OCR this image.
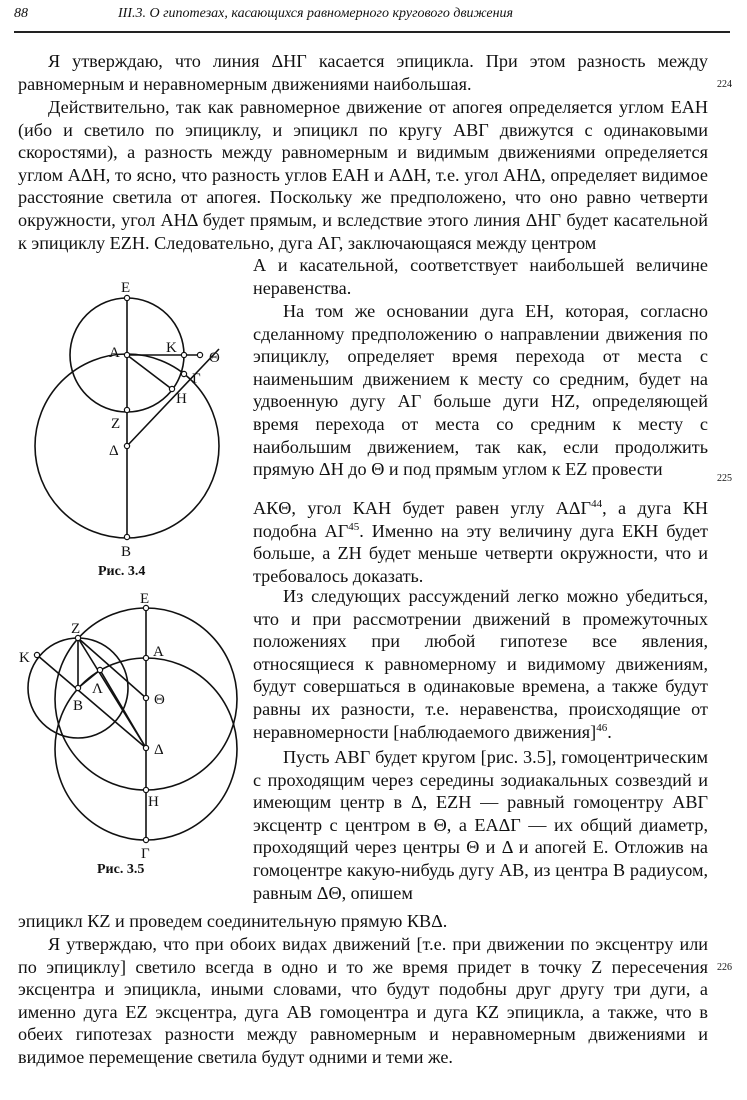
88	III.3. О гипотезах, касающихся равномерного кругового движения

Я утверждаю, что линия ΔНГ касается эпицикла. При этом разность между равномерным и неравномерным движениями наибольшая.	224

Действительно, так как равномерное движение от апогея определяется углом ЕАН (ибо и светило по эпициклу, и эпицикл по кругу АВГ движутся с одинаковыми скоростями), а разность между равномерным и видимым движениями определяется углом АΔН, то ясно, что разность углов ЕАН и АΔН, т.е. угол АНΔ, определяет видимое расстояние светила от апогея. Поскольку же предположено, что оно равно четверти окружности, угол АНΔ будет прямым, и вследствие этого линия ΔНГ будет касательной к эпициклу ЕZН. Следовательно, дуга АГ, заключающаяся между центром

А и касательной, соответствует наибольшей величине неравенства.

На том же основании дуга ЕН, которая, согласно сделанному предположению о направлении движения по эпициклу, определяет время перехода от места с наименьшим движением к месту со средним, будет на удвоенную дугу АГ больше дуги НZ, определяющей время перехода от места со средним к месту с наибольшим движением, так как, если продолжить прямую ΔН до Θ и под прямым углом к ЕZ провести	225

АКΘ, угол КАН будет равен углу АΔГ$^{44}$, а дуга КН подобна АГ$^{45}$. Именно на эту величину дуга ЕКН будет больше, а ZН будет меньше четверти окружности, что и требовалось доказать.

Из следующих рассуждений легко можно убедиться, что и при рассмотрении движений в промежуточных положениях при любой гипотезе все явления, относящиеся к равномерному и видимому движениям, будут совершаться в одинаковые времена, а также будут равны их разности, т.е. неравенства, происходящие от неравномерности [наблюдаемого движения]$^{46}$.

Пусть АВГ будет кругом [рис. 3.5], гомоцентрическим с проходящим через середины зодиакальных созвездий и имеющим центр в Δ, ЕZН — равный гомоцентру АВГ эксцентр с центром в Θ, а ЕАΔГ — их общий диаметр, проходящий через центры Θ и Δ и апогей Е. Отложив на гомоцентре какую-нибудь дугу АВ, из центра В радиусом, равным ΔΘ, опишем

эпицикл КZ и проведем соединительную прямую КВΔ.

Я утверждаю, что при обоих видах движений [т.е. при движении по эксцентру или по эпициклу] светило всегда в одно и то же время придет в точку Z пересечения эксцентра и эпицикла, иными словами, что будут подобны друг другу три дуги, а именно дуга ЕZ эксцентра, дуга АВ гомоцентра и дуга КZ эпицикла, а также, что в обеих гипотезах разности между равномерным и неравномерным движениями и видимое перемещение светила будут одними и теми же.

226
E
A	K
Θ
Γ
H
Z
Δ
B
Рис. 3.4
E
Z
K	A
Λ
B	Θ
Δ
H
Γ
Рис. 3.5
